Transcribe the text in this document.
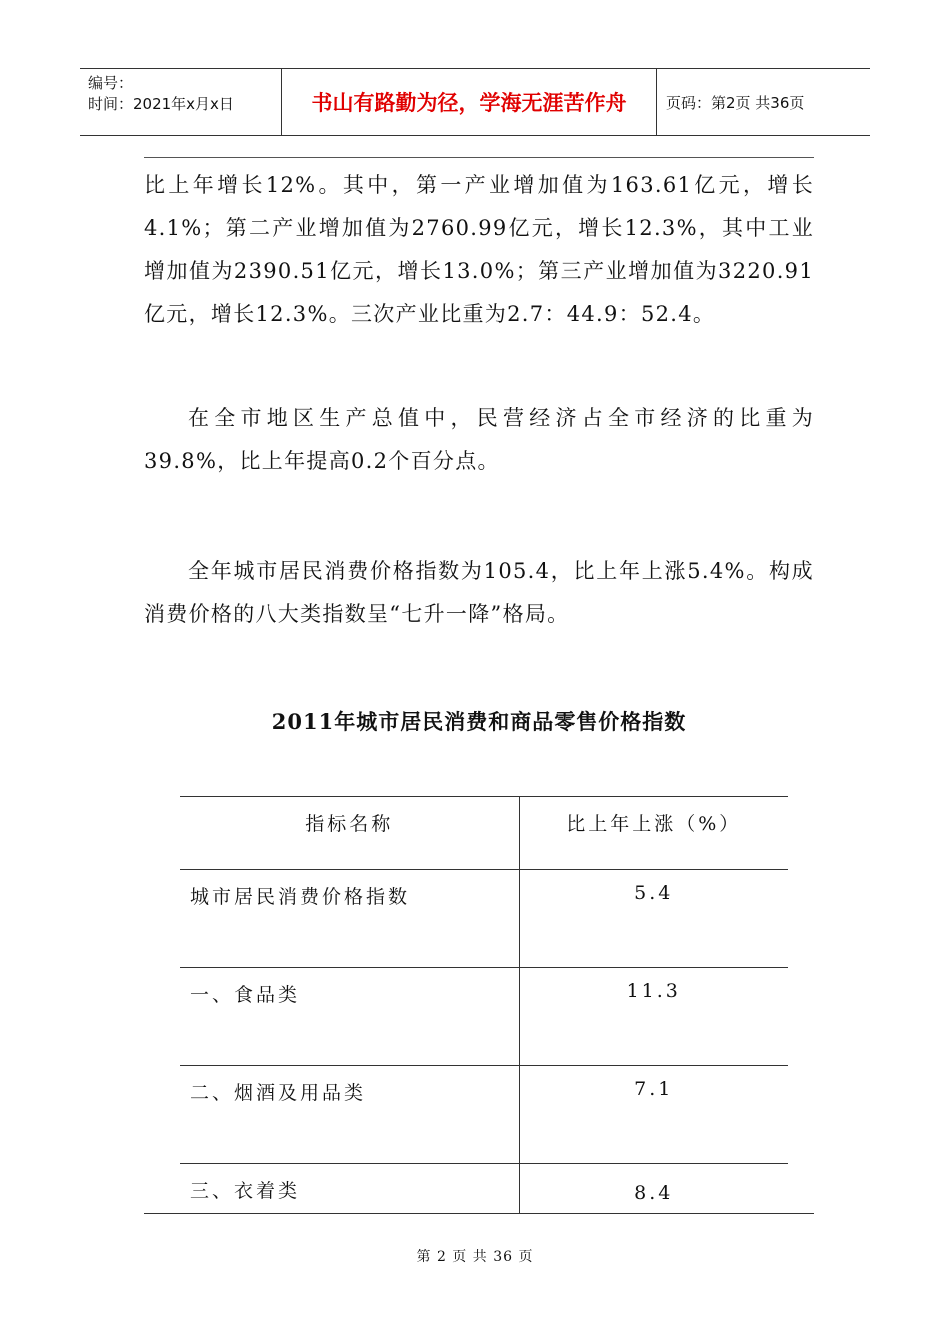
编号：
时间：2021年x月x日	书山有路勤为径，学海无涯苦作舟	页码：第2页 共36页

比上年增长12%。其中，第一产业增加值为163.61亿元，增长4.1%；第二产业增加值为2760.99亿元，增长12.3%，其中工业增加值为2390.51亿元，增长13.0%；第三产业增加值为3220.91亿元，增长12.3%。三次产业比重为2.7：44.9：52.4。

在全市地区生产总值中，民营经济占全市经济的比重为39.8%，比上年提高0.2个百分点。

全年城市居民消费价格指数为105.4，比上年上涨5.4%。构成消费价格的八大类指数呈“七升一降”格局。

2011年城市居民消费和商品零售价格指数
指标名称	比上年上涨（%）
城市居民消费价格指数	5.4
一、食品类	11.3
二、烟酒及用品类	7.1
三、衣着类	8.4
第 2 页 共 36 页
